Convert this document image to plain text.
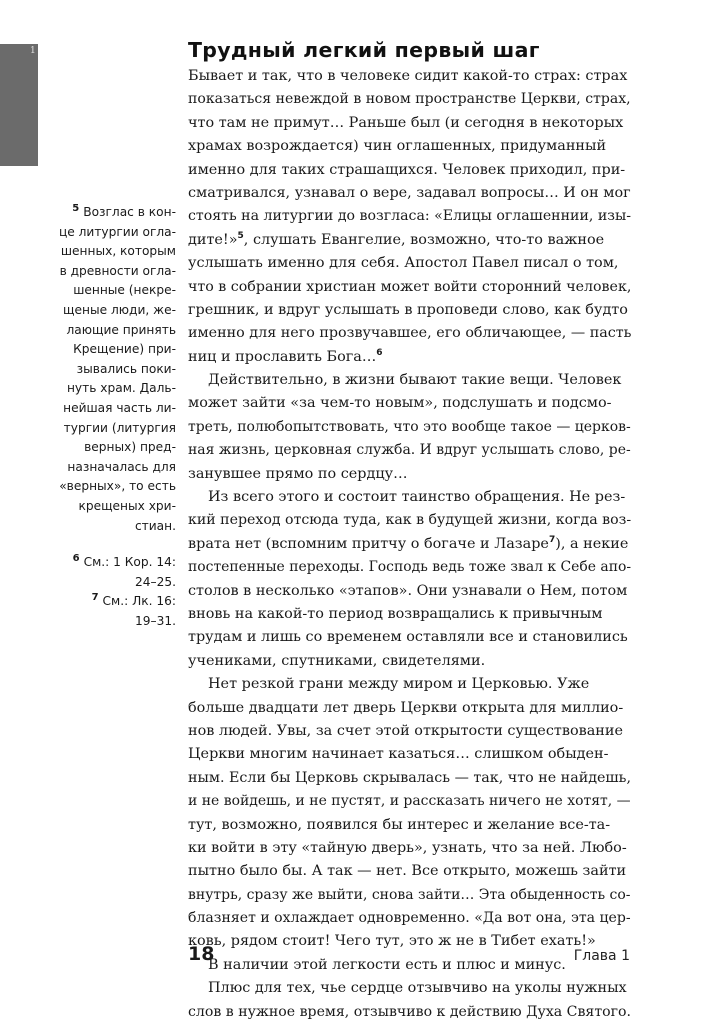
1	Трудный легкий первый шаг
Бывает и так, что в человеке сидит какой-то страх: страх
показаться невеждой в новом пространстве Церкви, страх,
что там не примут… Раньше был (и сегодня в некоторых
храмах возрождается) чин оглашенных, придуманный
именно для таких страшащихся. Человек приходил, при-
сматривался, узнавал о вере, задавал вопросы… И он мог
стоять на литургии до возгласа: «Елицы оглашеннии, изы-
дите!»$^5$, слушать Евангелие, возможно, что-то важное
услышать именно для себя. Апостол Павел писал о том,
что в собрании христиан может войти сторонний человек,
грешник, и вдруг услышать в проповеди слово, как будто
именно для него прозвучавшее, его обличающее, — пасть
ниц и прославить Бога…$^6$
Действительно, в жизни бывают такие вещи. Человек
может зайти «за чем-то новым», подслушать и подсмо-
треть, полюбопытствовать, что это вообще такое — церков-
ная жизнь, церковная служба. И вдруг услышать слово, ре-
занувшее прямо по сердцу…
Из всего этого и состоит таинство обращения. Не рез-
кий переход отсюда туда, как в будущей жизни, когда воз-
врата нет (вспомним притчу о богаче и Лазаре$^7$), а некие
постепенные переходы. Господь ведь тоже звал к Себе апо-
столов в несколько «этапов». Они узнавали о Нем, потом
вновь на какой-то период возвращались к привычным
трудам и лишь со временем оставляли все и становились
учениками, спутниками, свидетелями.
Нет резкой грани между миром и Церковью. Уже
больше двадцати лет дверь Церкви открыта для миллио-
нов людей. Увы, за счет этой открытости существование
Церкви многим начинает казаться… слишком обыден-
ным. Если бы Церковь скрывалась — так, что не найдешь,
и не войдешь, и не пустят, и рассказать ничего не хотят, —
тут, возможно, появился бы интерес и желание все-та-
ки войти в эту «тайную дверь», узнать, что за ней. Любо-
пытно было бы. А так — нет. Все открыто, можешь зайти
внутрь, сразу же выйти, снова зайти… Эта обыденность со-
блазняет и охлаждает одновременно. «Да вот она, эта цер-
ковь, рядом стоит! Чего тут, это ж не в Тибет ехать!»
В наличии этой легкости есть и плюс и минус.
Плюс для тех, чье сердце отзывчиво на уколы нужных
слов в нужное время, отзывчиво к действию Духа Святого.
$^5$ Возглас в кон-
це литургии огла-
шенных, которым
в древности огла-
шенные (некре-
щеные люди, же-
лающие принять
Крещение) при-
зывались поки-
нуть храм. Даль-
нейшая часть ли-
тургии (литургия
верных) пред-
назначалась для
«верных», то есть
крещеных хри-
стиан.
$^6$ См.: 1 Кор. 14:
24–25.
$^7$ См.: Лк. 16:
19–31.
18	Глава 1
